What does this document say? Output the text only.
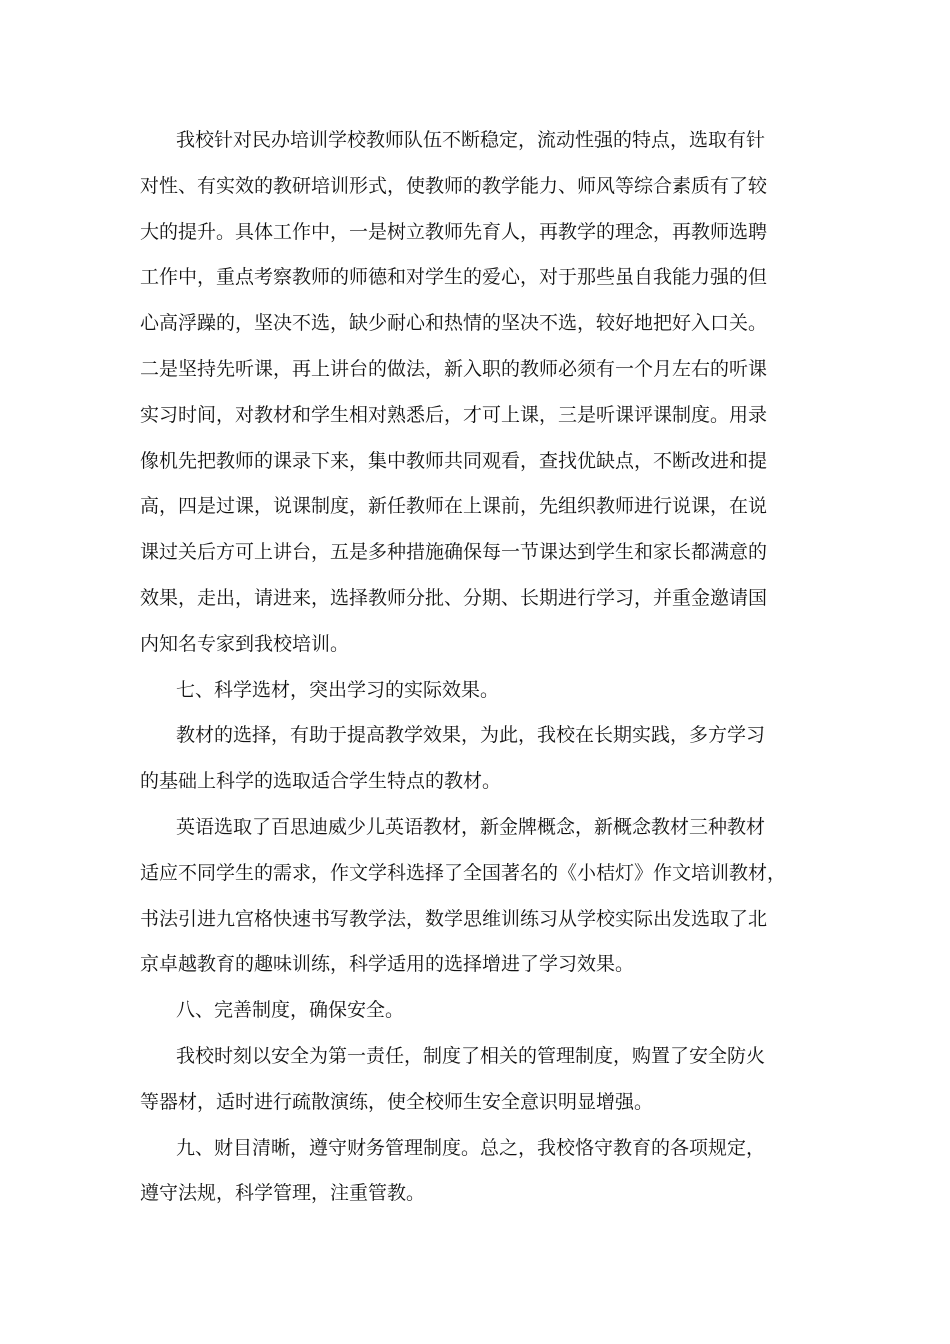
我校针对民办培训学校教师队伍不断稳定，流动性强的特点，选取有针
对性、有实效的教研培训形式，使教师的教学能力、师风等综合素质有了较
大的提升。具体工作中，一是树立教师先育人，再教学的理念，再教师选聘
工作中，重点考察教师的师德和对学生的爱心，对于那些虽自我能力强的但
心高浮躁的，坚决不选，缺少耐心和热情的坚决不选，较好地把好入口关。
二是坚持先听课，再上讲台的做法，新入职的教师必须有一个月左右的听课
实习时间，对教材和学生相对熟悉后，才可上课，三是听课评课制度。用录
像机先把教师的课录下来，集中教师共同观看，查找优缺点，不断改进和提
高，四是过课，说课制度，新任教师在上课前，先组织教师进行说课，在说
课过关后方可上讲台，五是多种措施确保每一节课达到学生和家长都满意的
效果，走出，请进来，选择教师分批、分期、长期进行学习，并重金邀请国
内知名专家到我校培训。
七、科学选材，突出学习的实际效果。
教材的选择，有助于提高教学效果，为此，我校在长期实践，多方学习
的基础上科学的选取适合学生特点的教材。
英语选取了百思迪威少儿英语教材，新金牌概念，新概念教材三种教材
适应不同学生的需求，作文学科选择了全国著名的《小桔灯》作文培训教材，
书法引进九宫格快速书写教学法，数学思维训练习从学校实际出发选取了北
京卓越教育的趣味训练，科学适用的选择增进了学习效果。
八、完善制度，确保安全。
我校时刻以安全为第一责任，制度了相关的管理制度，购置了安全防火
等器材，适时进行疏散演练，使全校师生安全意识明显增强。
九、财目清晰，遵守财务管理制度。总之，我校恪守教育的各项规定，
遵守法规，科学管理，注重管教。
